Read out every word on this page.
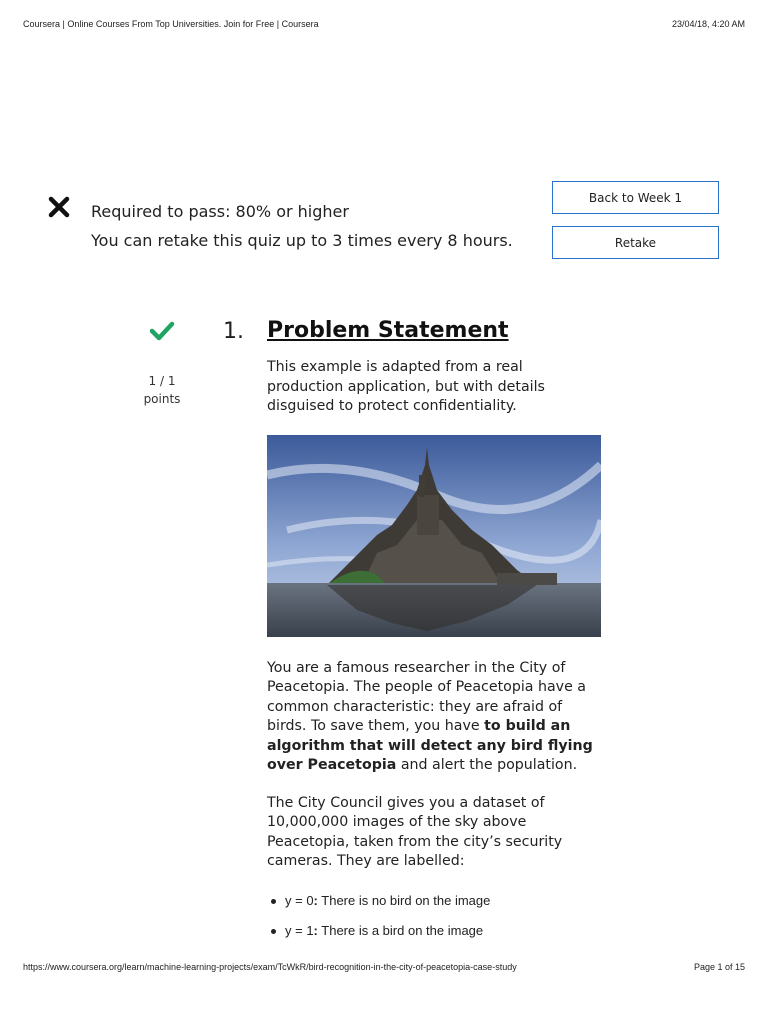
Coursera | Online Courses From Top Universities. Join for Free | Coursera	23/04/18, 4:20 AM
Required to pass: 80% or higher
You can retake this quiz up to 3 times every 8 hours.
Back to Week 1
Retake
1 / 1
points
1. Problem Statement

This example is adapted from a real production application, but with details disguised to protect confidentiality.

You are a famous researcher in the City of Peacetopia. The people of Peacetopia have a common characteristic: they are afraid of birds. To save them, you have to build an algorithm that will detect any bird flying over Peacetopia and alert the population.

The City Council gives you a dataset of 10,000,000 images of the sky above Peacetopia, taken from the city’s security cameras. They are labelled:

y = 0: There is no bird on the image
y = 1: There is a bird on the image
https://www.coursera.org/learn/machine-learning-projects/exam/TcWkR/bird-recognition-in-the-city-of-peacetopia-case-study	Page 1 of 15
